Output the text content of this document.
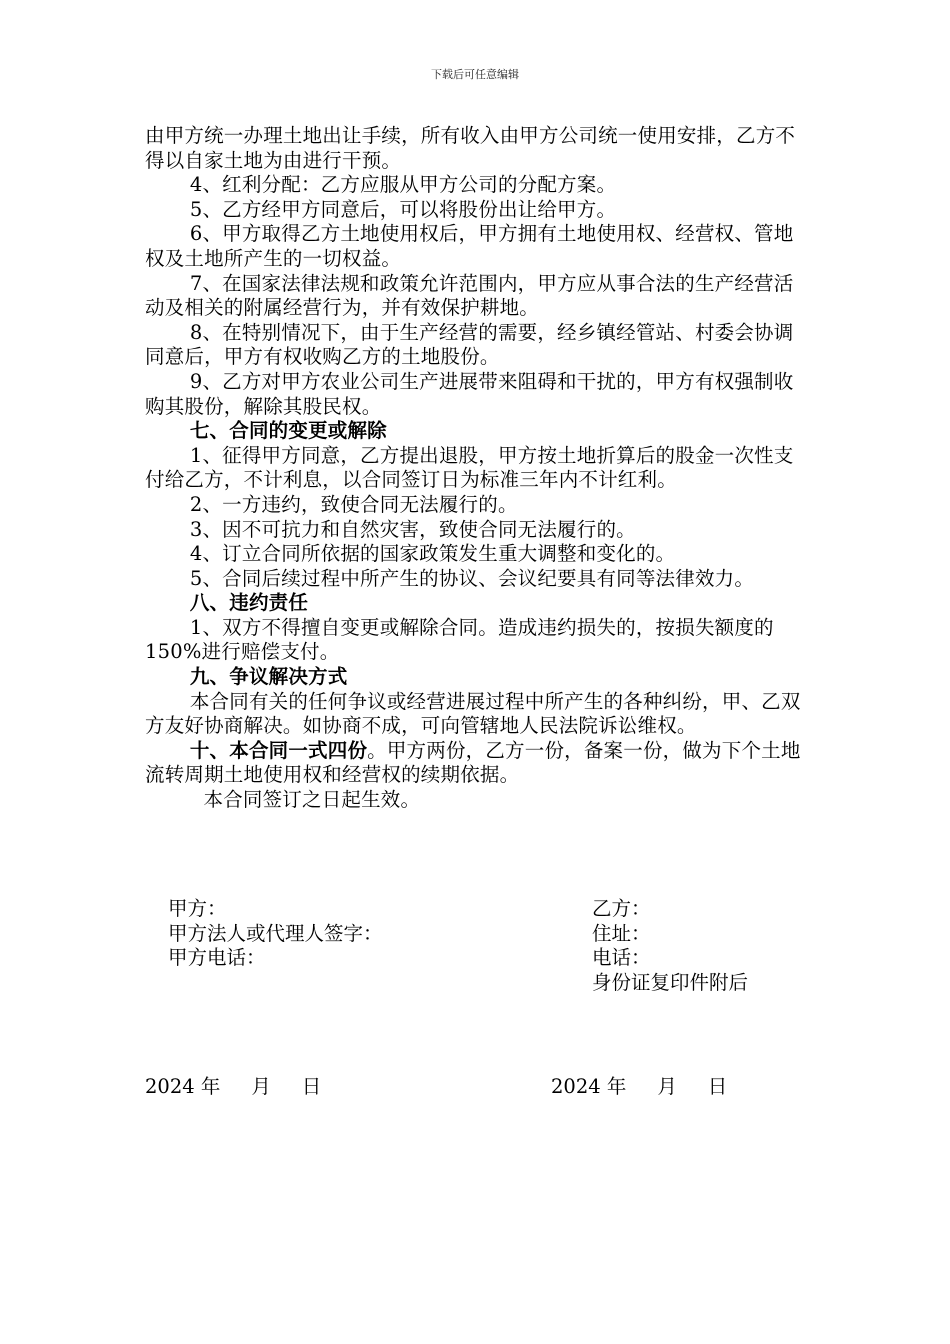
下载后可任意编辑

由甲方统一办理土地出让手续，所有收入由甲方公司统一使用安排，乙方不得以自家土地为由进行干预。

4、红利分配：乙方应服从甲方公司的分配方案。

5、乙方经甲方同意后，可以将股份出让给甲方。

6、甲方取得乙方土地使用权后，甲方拥有土地使用权、经营权、管地权及土地所产生的一切权益。

7、在国家法律法规和政策允许范围内，甲方应从事合法的生产经营活动及相关的附属经营行为，并有效保护耕地。

8、在特别情况下，由于生产经营的需要，经乡镇经管站、村委会协调同意后，甲方有权收购乙方的土地股份。

9、乙方对甲方农业公司生产进展带来阻碍和干扰的，甲方有权强制收购其股份，解除其股民权。

七、合同的变更或解除

1、征得甲方同意，乙方提出退股，甲方按土地折算后的股金一次性支付给乙方，不计利息，以合同签订日为标准三年内不计红利。

2、一方违约，致使合同无法履行的。

3、因不可抗力和自然灾害，致使合同无法履行的。

4、订立合同所依据的国家政策发生重大调整和变化的。

5、合同后续过程中所产生的协议、会议纪要具有同等法律效力。

八、违约责任

1、双方不得擅自变更或解除合同。造成违约损失的，按损失额度的150%进行赔偿支付。

九、争议解决方式

本合同有关的任何争议或经营进展过程中所产生的各种纠纷，甲、乙双方友好协商解决。如协商不成，可向管辖地人民法院诉讼维权。

十、本合同一式四份。甲方两份，乙方一份，备案一份，做为下个土地流转周期土地使用权和经营权的续期依据。

本合同签订之日起生效。

甲方：

甲方法人或代理人签字：

甲方电话：

乙方：

住址：

电话：

身份证复印件附后

2024 年     月     日	2024 年     月     日
